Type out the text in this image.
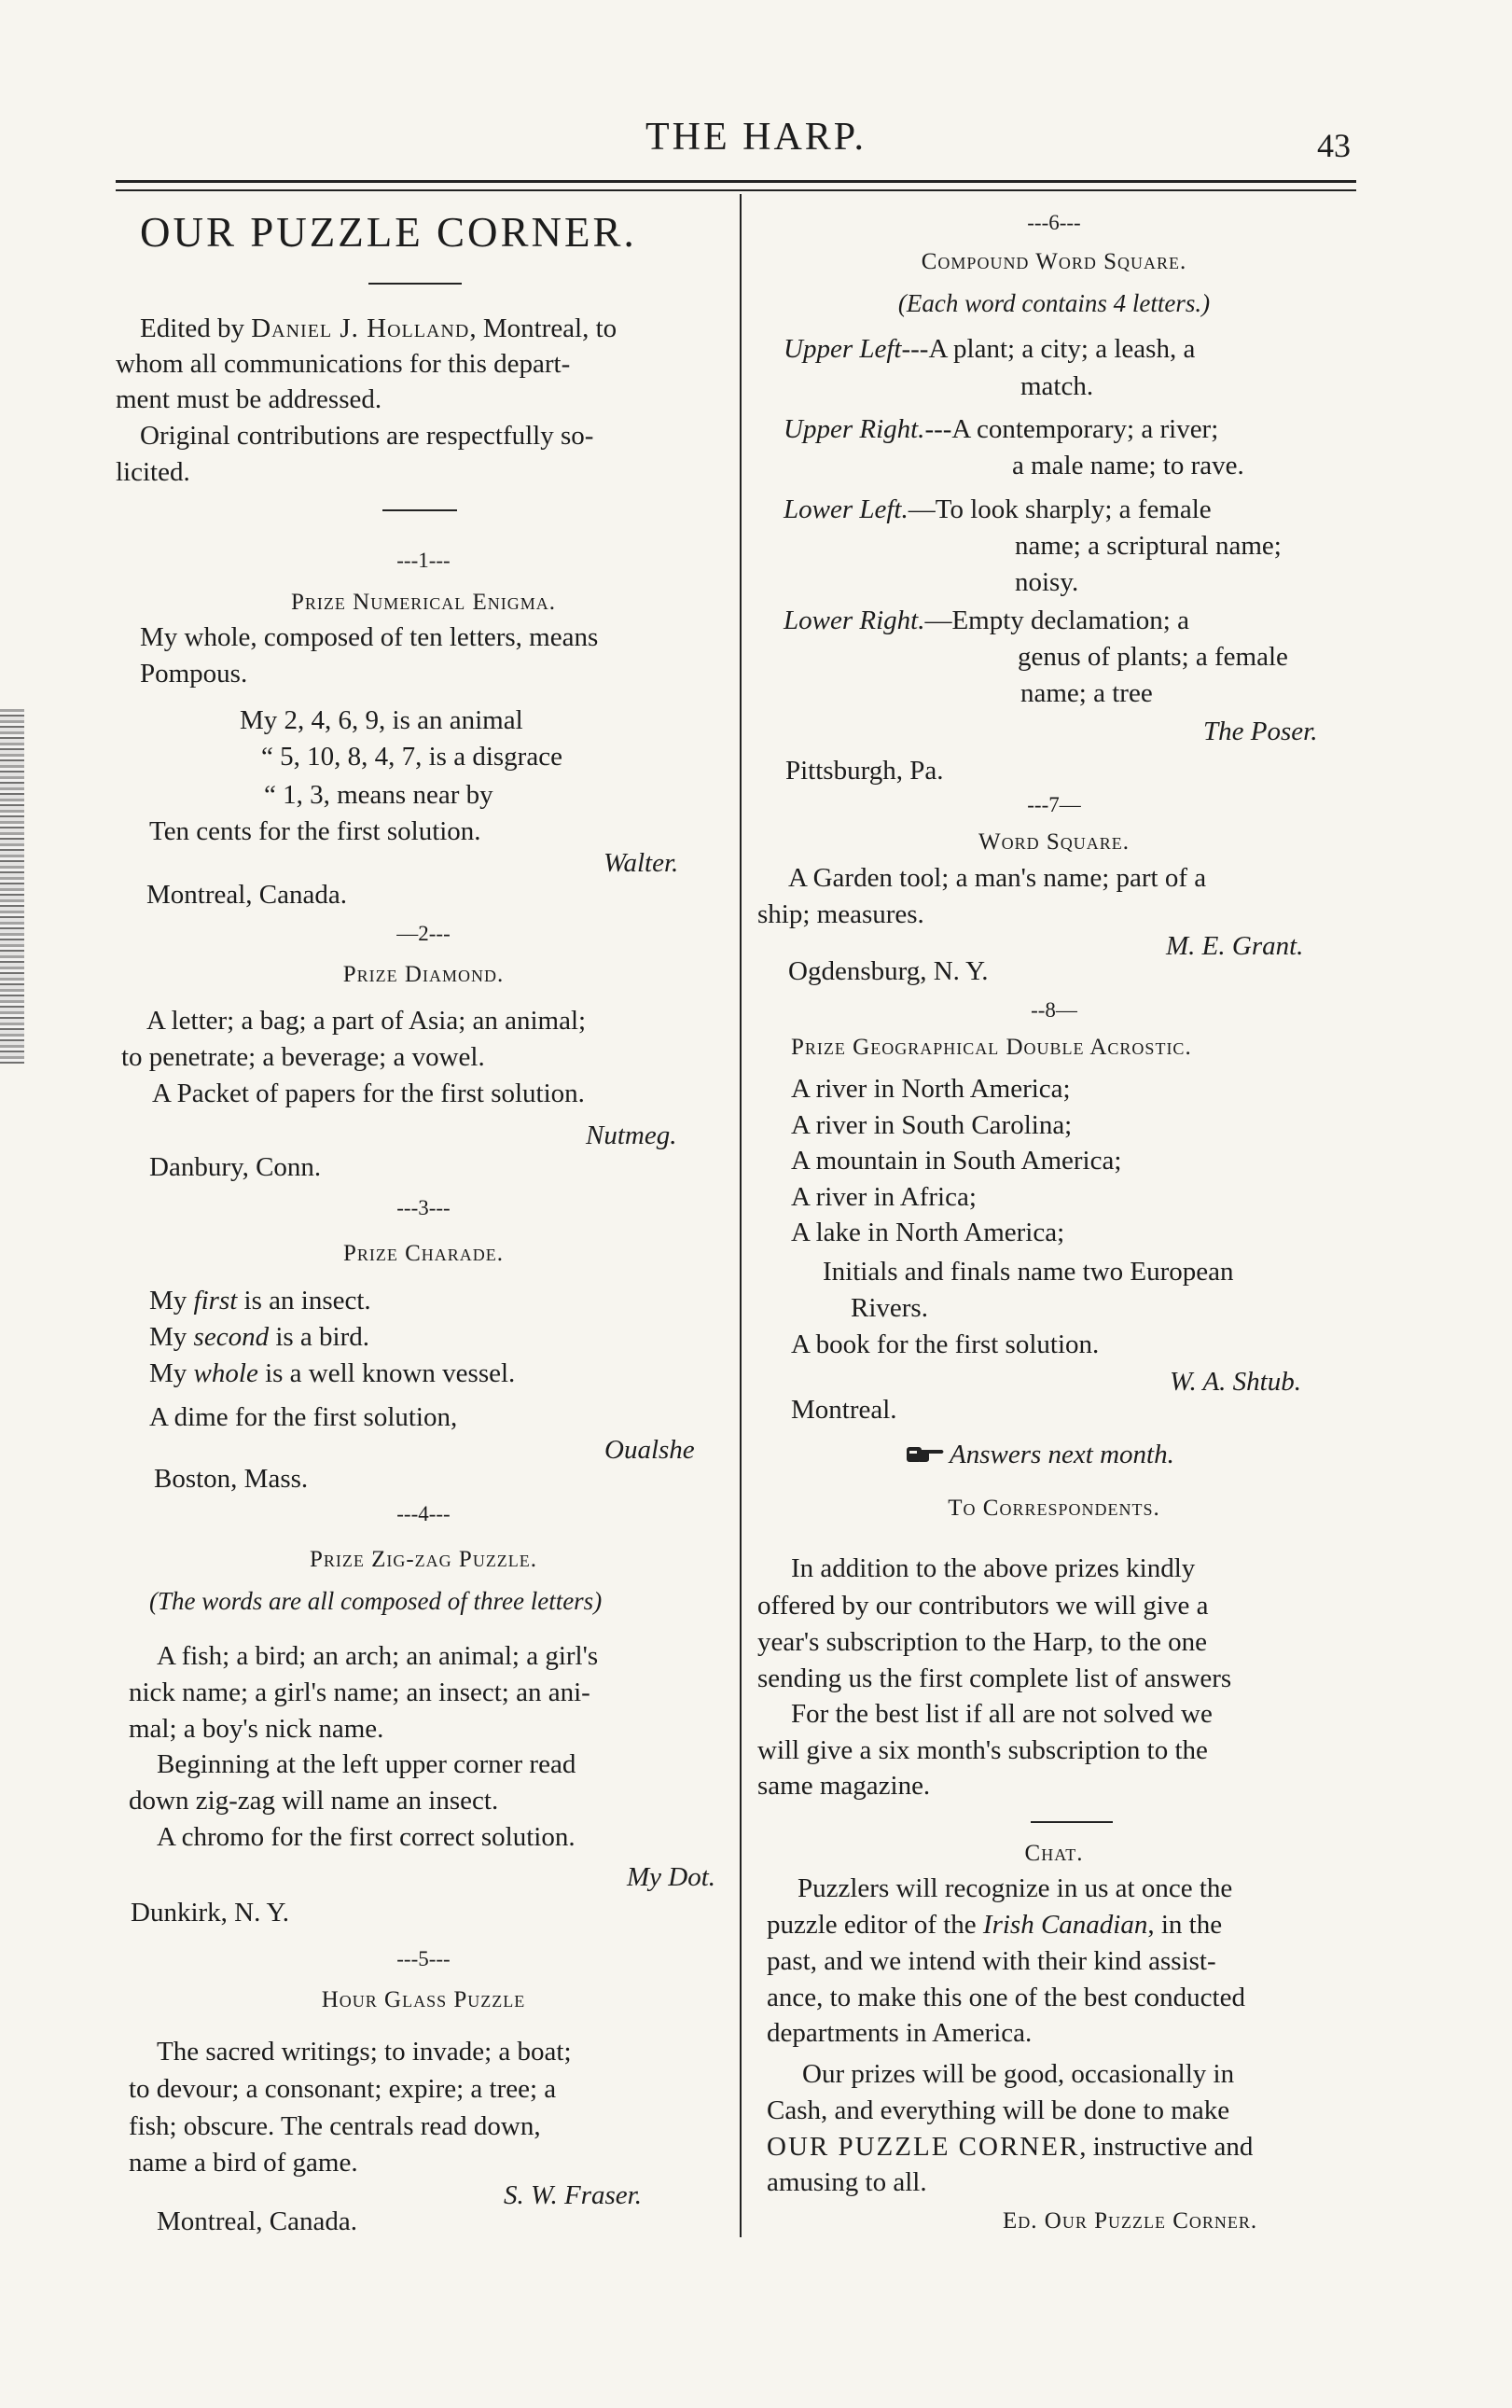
THE HARP.	43
OUR PUZZLE CORNER.
Edited by Daniel J. Holland, Montreal, to
whom all communications for this depart-
ment must be addressed.
Original contributions are respectfully so-
licited.
---1---
Prize Numerical Enigma.
My whole, composed of ten letters, means
Pompous.
My 2, 4, 6, 9, is an animal
“ 5, 10, 8, 4, 7, is a disgrace
“ 1, 3, means near by
Ten cents for the first solution.
Walter.
Montreal, Canada.
—2---
Prize Diamond.
A letter; a bag; a part of Asia; an animal;
to penetrate; a beverage; a vowel.
A Packet of papers for the first solution.
Nutmeg.
Danbury, Conn.
---3---
Prize Charade.
My first is an insect.
My second is a bird.
My whole is a well known vessel.
A dime for the first solution,
Oualshe
Boston, Mass.
---4---
Prize Zig-zag Puzzle.
(The words are all composed of three letters)
A fish; a bird; an arch; an animal; a girl's
nick name; a girl's name; an insect; an ani-
mal; a boy's nick name.
Beginning at the left upper corner read
down zig-zag will name an insect.
A chromo for the first correct solution.
My Dot.
Dunkirk, N. Y.
---5---
Hour Glass Puzzle
The sacred writings; to invade; a boat;
to devour; a consonant; expire; a tree; a
fish; obscure. The centrals read down,
name a bird of game.
S. W. Fraser.
Montreal, Canada.
---6---
Compound Word Square.
(Each word contains 4 letters.)
Upper Left---A plant; a city; a leash, a
match.
Upper Right.---A contemporary; a river;
a male name; to rave.
Lower Left.—To look sharply; a female
name; a scriptural name;
noisy.
Lower Right.—Empty declamation; a
genus of plants; a female
name; a tree
The Poser.
Pittsburgh, Pa.
---7—
Word Square.
A Garden tool; a man's name; part of a
ship; measures.
M. E. Grant.
Ogdensburg, N. Y.
--8—
Prize Geographical Double Acrostic.
A river in North America;
A river in South Carolina;
A mountain in South America;
A river in Africa;
A lake in North America;
Initials and finals name two European
Rivers.
A book for the first solution.
W. A. Shtub.
Montreal.
Answers next month.
To Correspondents.
In addition to the above prizes kindly
offered by our contributors we will give a
year's subscription to the Harp, to the one
sending us the first complete list of answers
For the best list if all are not solved we
will give a six month's subscription to the
same magazine.
Chat.
Puzzlers will recognize in us at once the
puzzle editor of the Irish Canadian, in the
past, and we intend with their kind assist-
ance, to make this one of the best conducted
departments in America.
Our prizes will be good, occasionally in
Cash, and everything will be done to make
OUR PUZZLE CORNER, instructive and
amusing to all.
Ed. Our Puzzle Corner.
